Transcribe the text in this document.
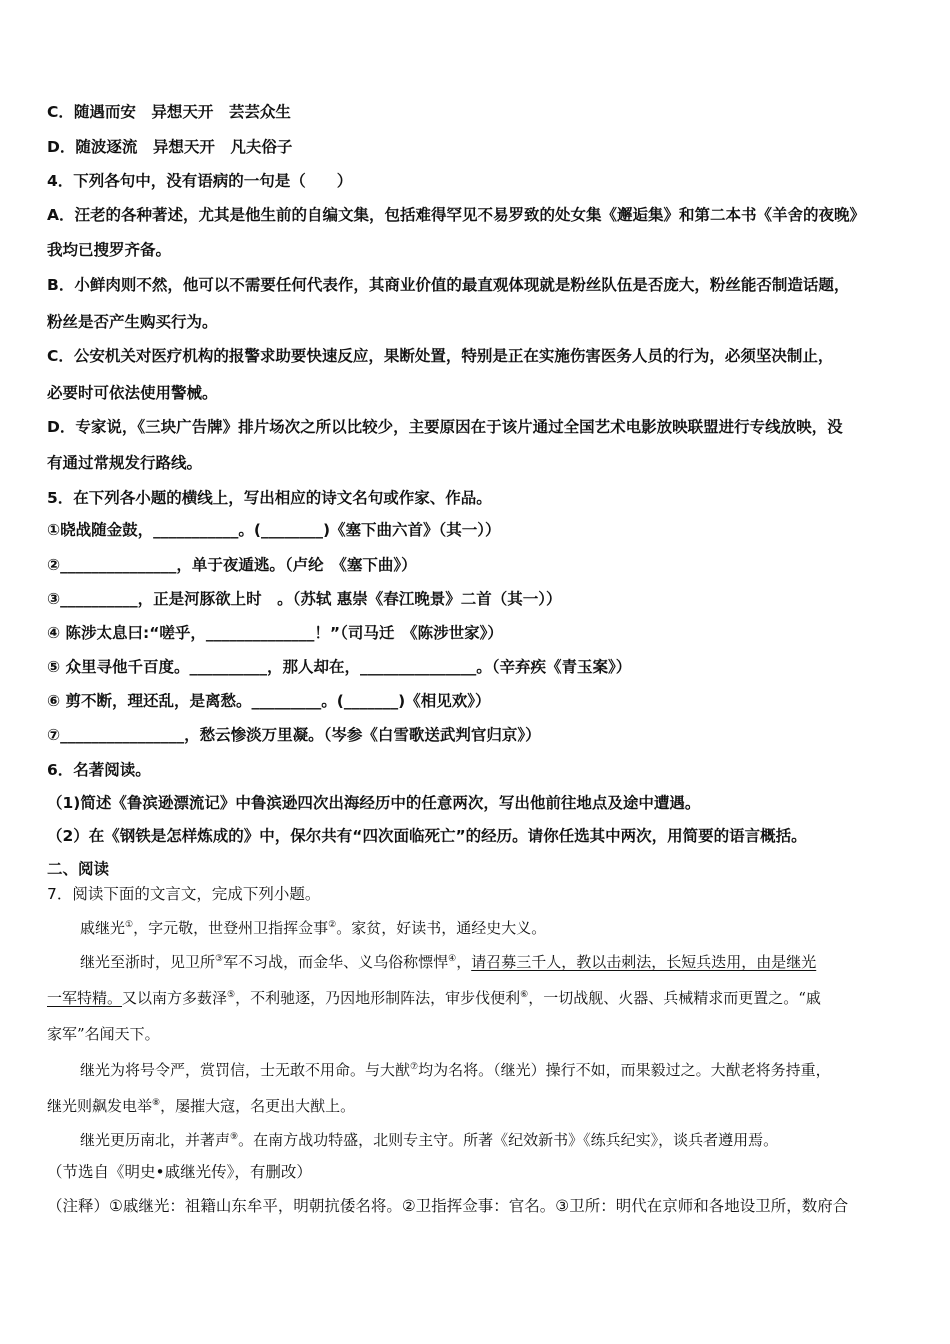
C．随遇而安　异想天开　芸芸众生
D．随波逐流　异想天开　凡夫俗子
4．下列各句中，没有语病的一句是（　　）
A．汪老的各种著述，尤其是他生前的自编文集，包括难得罕见不易罗致的处女集《邂逅集》和第二本书《羊舍的夜晚》
我均已搜罗齐备。
B．小鲜肉则不然，他可以不需要任何代表作，其商业价值的最直观体现就是粉丝队伍是否庞大，粉丝能否制造话题，
粉丝是否产生购买行为。
C．公安机关对医疗机构的报警求助要快速反应，果断处置，特别是正在实施伤害医务人员的行为，必须坚决制止，
必要时可依法使用警械。
D．专家说，《三块广告牌》排片场次之所以比较少，主要原因在于该片通过全国艺术电影放映联盟进行专线放映，没
有通过常规发行路线。
5．在下列各小题的横线上，写出相应的诗文名句或作家、作品。
①晓战随金鼓，___________。(________)《塞下曲六首》（其一））
②_______________，单于夜遁逃。（卢纶　《塞下曲》）
③__________，正是河豚欲上时　。（苏轼 惠崇《春江晚景》二首（其一））
④ 陈涉太息曰:“嗟乎，______________！”（司马迁　《陈涉世家》）
⑤ 众里寻他千百度。__________，那人却在，_______________。（辛弃疾《青玉案》）
⑥ 剪不断，理还乱，是离愁。_________。(_______)《相见欢》）
⑦________________，愁云惨淡万里凝。（岑参《白雪歌送武判官归京》）
6．名著阅读。
（1)简述《鲁滨逊漂流记》中鲁滨逊四次出海经历中的任意两次，写出他前往地点及途中遭遇。
（2）在《钢铁是怎样炼成的》中，保尔共有“四次面临死亡”的经历。请你任选其中两次，用简要的语言概括。
二、阅读
7．阅读下面的文言文，完成下列小题。
戚继光①，字元敬，世登州卫指挥佥事②。家贫，好读书，通经史大义。
继光至浙时，见卫所③军不习战，而金华、义乌俗称慓悍④，请召募三千人，教以击刺法，长短兵迭用，由是继光
一军特精。又以南方多薮泽⑤，不利驰逐，乃因地形制阵法，审步伐便利⑥，一切战舰、火器、兵械精求而更置之。“戚
家军”名闻天下。
继光为将号令严，赏罚信，士无敢不用命。与大猷⑦均为名将。（继光）操行不如，而果毅过之。大猷老将务持重，
继光则飙发电举⑧，屡摧大寇，名更出大猷上。
继光更历南北，并著声⑨。在南方战功特盛，北则专主守。所著《纪效新书》《练兵纪实》，谈兵者遵用焉。
（节选自《明史•戚继光传》，有删改）
（注释）①戚继光：祖籍山东牟平，明朝抗倭名将。②卫指挥佥事：官名。③卫所：明代在京师和各地设卫所，数府合
